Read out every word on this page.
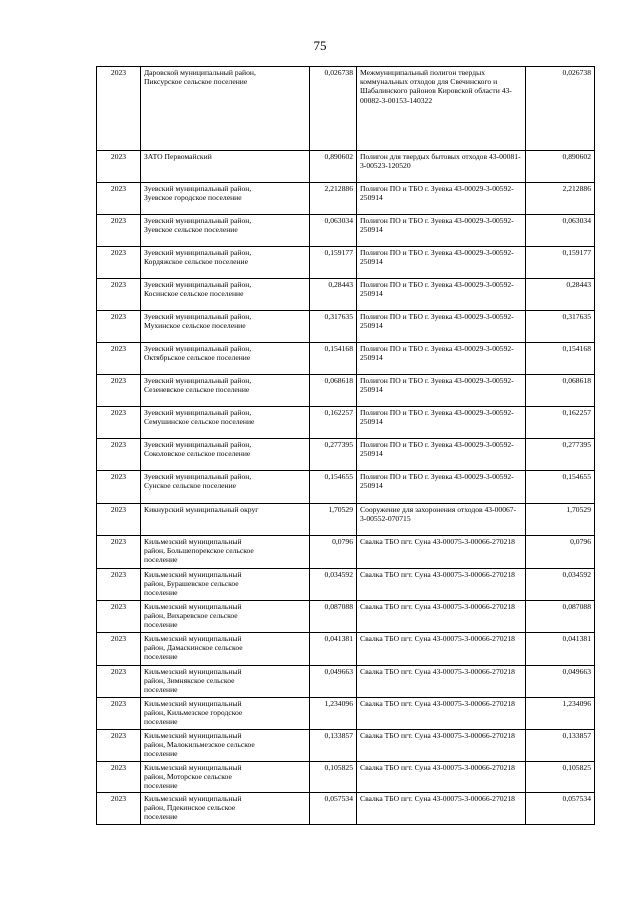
75
2023	Даровской муниципальный район,
Пиксурское сельское поселение	0,026738	Межмуниципальный полигон твердых коммунальных отходов для Свечинского и Шабалинского районов Кировской области 43-00082-3-00153-140322	0,026738
2023	ЗАТО Первомайский	0,890602	Полигон для твердых бытовых отходов 43-00081-3-00523-120520	0,890602
2023	Зуевский муниципальный район,
Зуевское городское поселение	2,212886	Полигон ПО и ТБО г. Зуевка 43-00029-3-00592-250914	2,212886
2023	Зуевский муниципальный район,
Зуевское сельское поселение	0,063034	Полигон ПО и ТБО г. Зуевка 43-00029-3-00592-250914	0,063034
2023	Зуевский муниципальный район,
Кордяжское сельское поселение	0,159177	Полигон ПО и ТБО г. Зуевка 43-00029-3-00592-250914	0,159177
2023	Зуевский муниципальный район,
Косинское сельское поселение	0,28443	Полигон ПО и ТБО г. Зуевка 43-00029-3-00592-250914	0,28443
2023	Зуевский муниципальный район,
Мухинское сельское поселение	0,317635	Полигон ПО и ТБО г. Зуевка 43-00029-3-00592-250914	0,317635
2023	Зуевский муниципальный район,
Октябрьское сельское поселение	0,154168	Полигон ПО и ТБО г. Зуевка 43-00029-3-00592-250914	0,154168
2023	Зуевский муниципальный район,
Сезеневское сельское поселение	0,068618	Полигон ПО и ТБО г. Зуевка 43-00029-3-00592-250914	0,068618
2023	Зуевский муниципальный район,
Семушинское сельское поселение	0,162257	Полигон ПО и ТБО г. Зуевка 43-00029-3-00592-250914	0,162257
2023	Зуевский муниципальный район,
Соколовское сельское поселение	0,277395	Полигон ПО и ТБО г. Зуевка 43-00029-3-00592-250914	0,277395
2023	Зуевский муниципальный район,
Сунское сельское поселение	0,154655	Полигон ПО и ТБО г. Зуевка 43-00029-3-00592-250914	0,154655
2023	Кикнурский муниципальный округ	1,70529	Сооружение для захоронения отходов 43-00067-3-00552-070715	1,70529
2023	Кильмезский муниципальный
район, Большепорекское сельское
поселение	0,0796	Свалка ТБО пгт. Суна 43-00075-3-00066-270218	0,0796
2023	Кильмезский муниципальный
район, Бурашевское сельское
поселение	0,034592	Свалка ТБО пгт. Суна 43-00075-3-00066-270218	0,034592
2023	Кильмезский муниципальный
район, Вихаревское сельское
поселение	0,087088	Свалка ТБО пгт. Суна 43-00075-3-00066-270218	0,087088
2023	Кильмезский муниципальный
район, Дамаскинское сельское
поселение	0,041381	Свалка ТБО пгт. Суна 43-00075-3-00066-270218	0,041381
2023	Кильмезский муниципальный
район, Зимнякское сельское
поселение	0,049663	Свалка ТБО пгт. Суна 43-00075-3-00066-270218	0,049663
2023	Кильмезский муниципальный
район, Кильмезское городское
поселение	1,234096	Свалка ТБО пгт. Суна 43-00075-3-00066-270218	1,234096
2023	Кильмезский муниципальный
район, Малокильмезское сельское
поселение	0,133857	Свалка ТБО пгт. Суна 43-00075-3-00066-270218	0,133857
2023	Кильмезский муниципальный
район, Моторское сельское
поселение	0,105825	Свалка ТБО пгт. Суна 43-00075-3-00066-270218	0,105825
2023	Кильмезский муниципальный
район, Пдекинское сельское
поселение	0,057534	Свалка ТБО пгт. Суна 43-00075-3-00066-270218	0,057534
